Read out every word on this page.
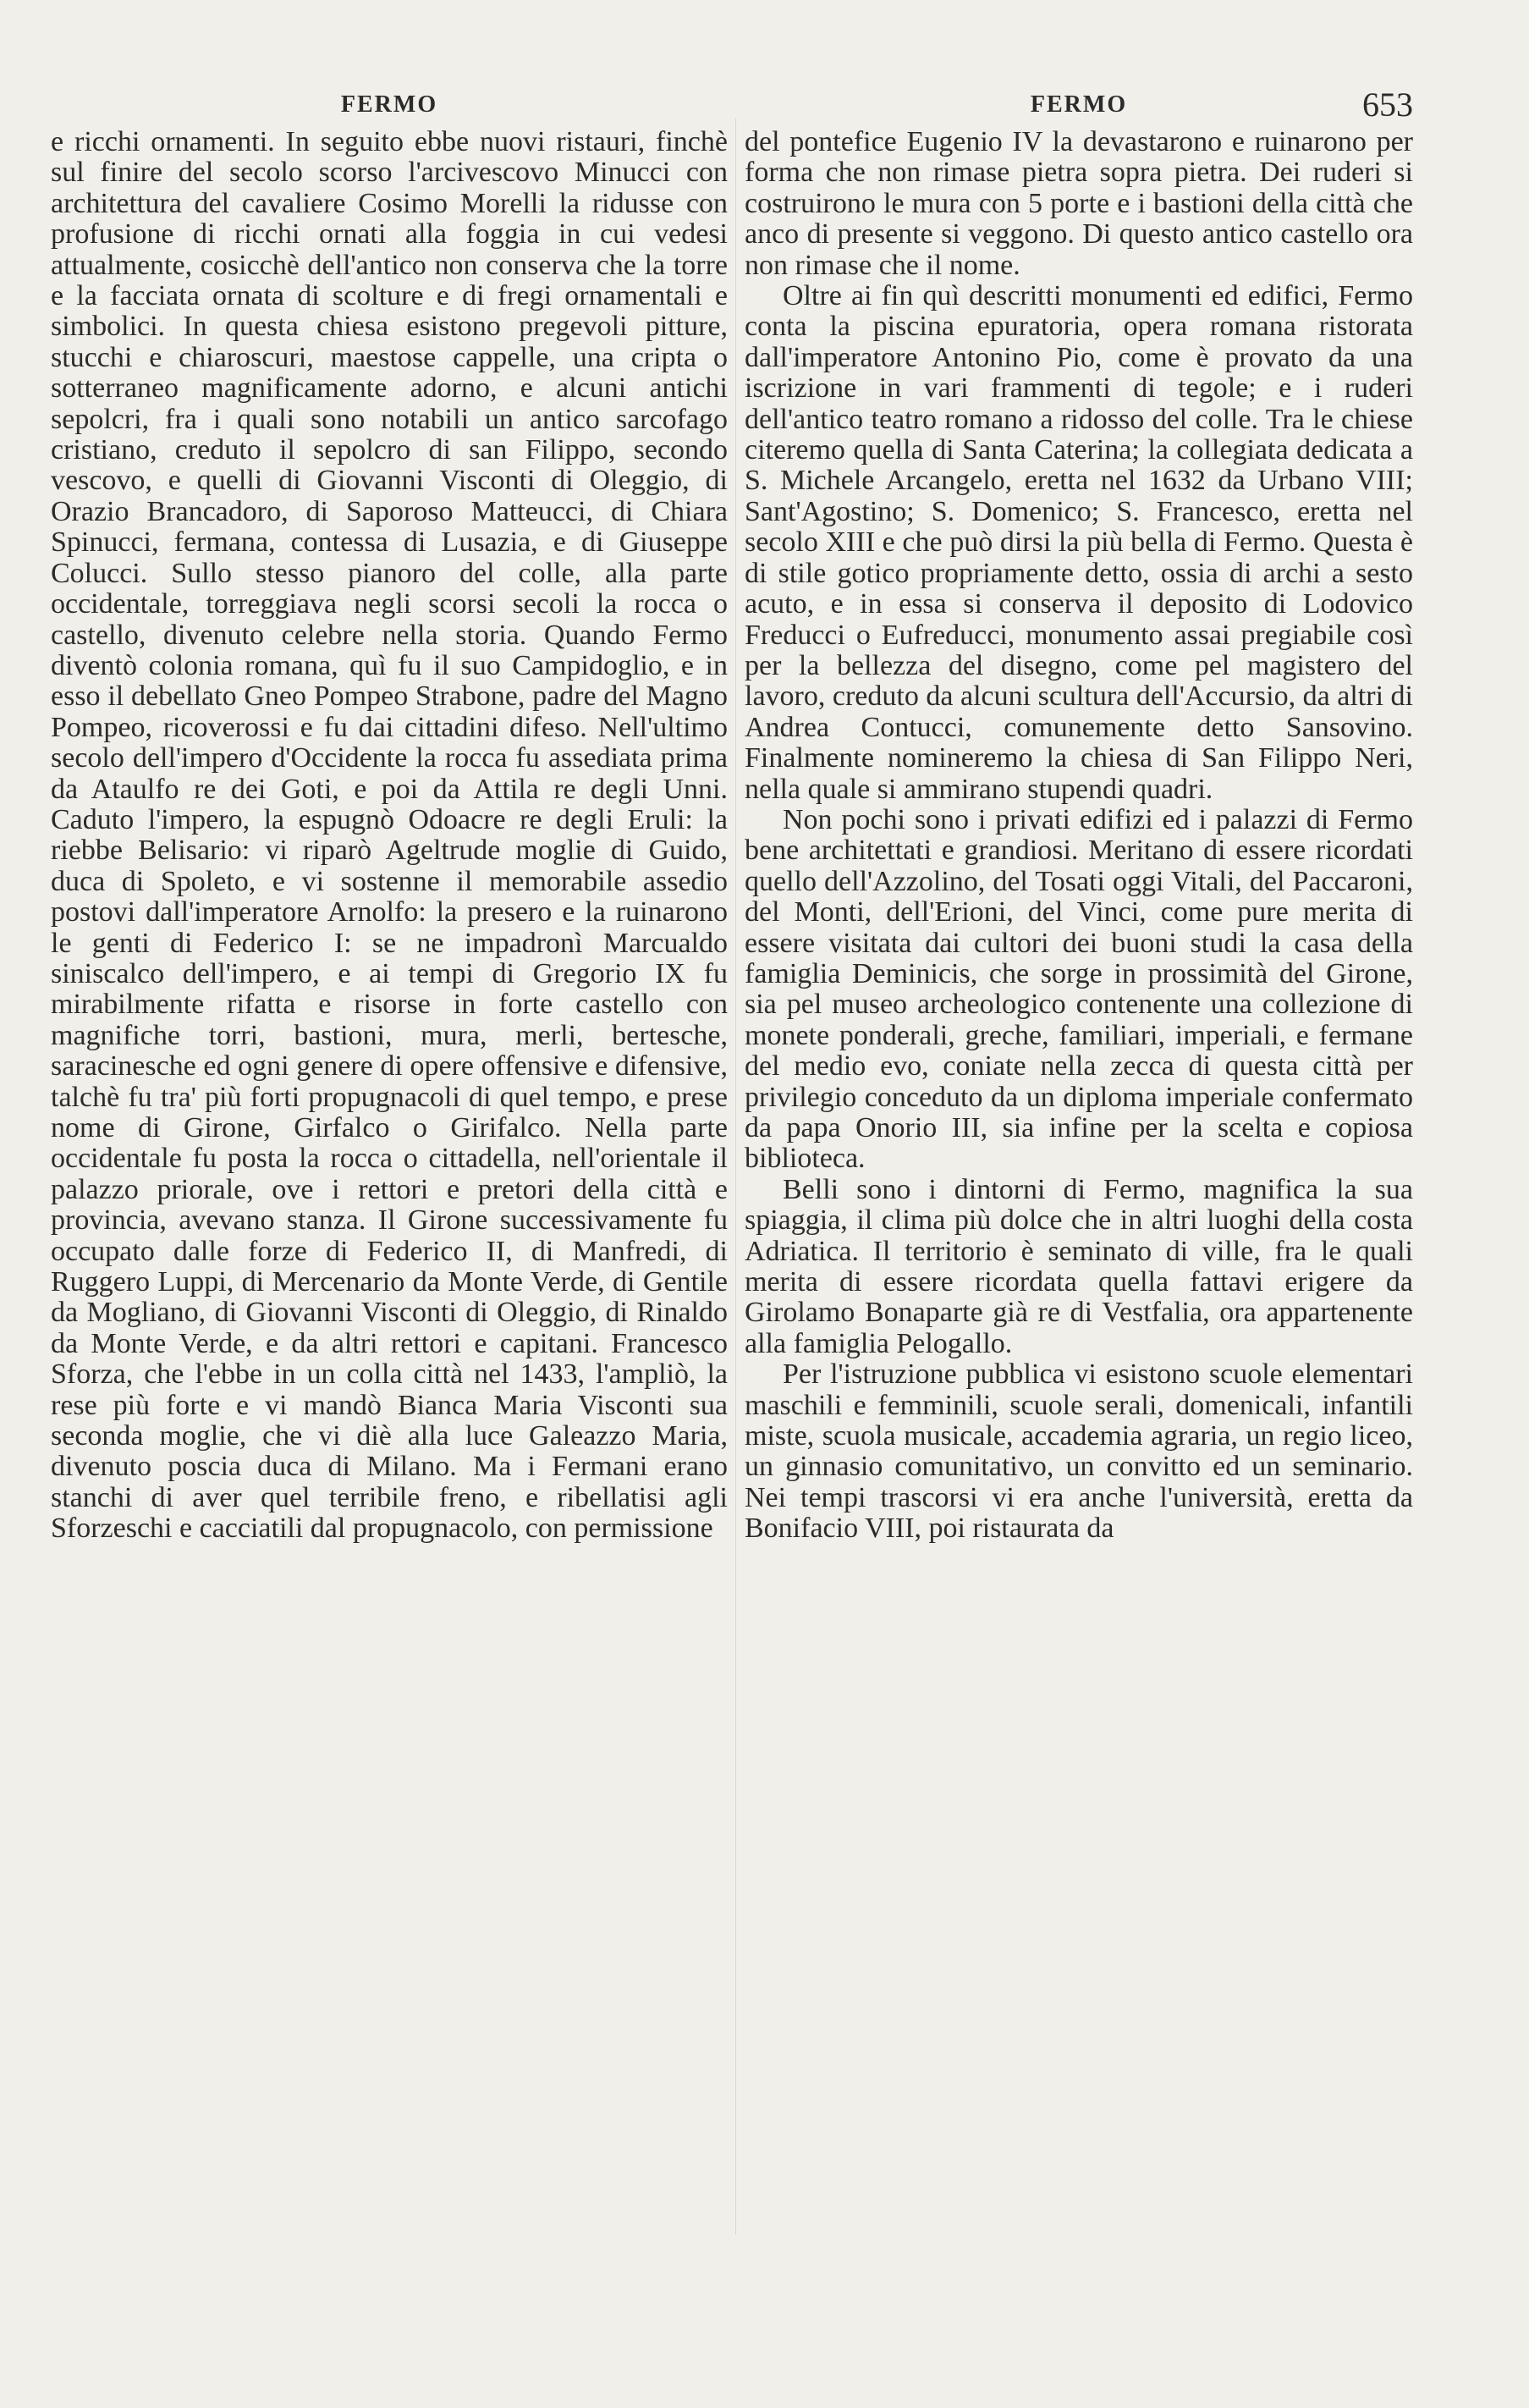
FERMO	FERMO	653

e ricchi ornamenti. In seguito ebbe nuovi ristauri, finchè sul finire del secolo scorso l'arcivescovo Minucci con architettura del cavaliere Cosimo Morelli la ridusse con profusione di ricchi ornati alla foggia in cui vedesi attualmente, cosicchè dell'antico non conserva che la torre e la facciata ornata di scolture e di fregi ornamentali e simbolici. In questa chiesa esistono pregevoli pitture, stucchi e chiaroscuri, maestose cappelle, una cripta o sotterraneo magnificamente adorno, e alcuni antichi sepolcri, fra i quali sono notabili un antico sarcofago cristiano, creduto il sepolcro di san Filippo, secondo vescovo, e quelli di Giovanni Visconti di Oleggio, di Orazio Brancadoro, di Saporoso Matteucci, di Chiara Spinucci, fermana, contessa di Lusazia, e di Giuseppe Colucci. Sullo stesso pianoro del colle, alla parte occidentale, torreggiava negli scorsi secoli la rocca o castello, divenuto celebre nella storia. Quando Fermo diventò colonia romana, quì fu il suo Campidoglio, e in esso il debellato Gneo Pompeo Strabone, padre del Magno Pompeo, ricoverossi e fu dai cittadini difeso. Nell'ultimo secolo dell'impero d'Occidente la rocca fu assediata prima da Ataulfo re dei Goti, e poi da Attila re degli Unni. Caduto l'impero, la espugnò Odoacre re degli Eruli: la riebbe Belisario: vi riparò Ageltrude moglie di Guido, duca di Spoleto, e vi sostenne il memorabile assedio postovi dall'imperatore Arnolfo: la presero e la ruinarono le genti di Federico I: se ne impadronì Marcualdo siniscalco dell'impero, e ai tempi di Gregorio IX fu mirabilmente rifatta e risorse in forte castello con magnifiche torri, bastioni, mura, merli, bertesche, saracinesche ed ogni genere di opere offensive e difensive, talchè fu tra' più forti propugnacoli di quel tempo, e prese nome di Girone, Girfalco o Girifalco. Nella parte occidentale fu posta la rocca o cittadella, nell'orientale il palazzo priorale, ove i rettori e pretori della città e provincia, avevano stanza. Il Girone successivamente fu occupato dalle forze di Federico II, di Manfredi, di Ruggero Luppi, di Mercenario da Monte Verde, di Gentile da Mogliano, di Giovanni Visconti di Oleggio, di Rinaldo da Monte Verde, e da altri rettori e capitani. Francesco Sforza, che l'ebbe in un colla città nel 1433, l'ampliò, la rese più forte e vi mandò Bianca Maria Visconti sua seconda moglie, che vi diè alla luce Galeazzo Maria, divenuto poscia duca di Milano. Ma i Fermani erano stanchi di aver quel terribile freno, e ribellatisi agli Sforzeschi e cacciatili dal propugnacolo, con permissione

del pontefice Eugenio IV la devastarono e ruinarono per forma che non rimase pietra sopra pietra. Dei ruderi si costruirono le mura con 5 porte e i bastioni della città che anco di presente si veggono. Di questo antico castello ora non rimase che il nome.

Oltre ai fin quì descritti monumenti ed edifici, Fermo conta la piscina epuratoria, opera romana ristorata dall'imperatore Antonino Pio, come è provato da una iscrizione in vari frammenti di tegole; e i ruderi dell'antico teatro romano a ridosso del colle. Tra le chiese citeremo quella di Santa Caterina; la collegiata dedicata a S. Michele Arcangelo, eretta nel 1632 da Urbano VIII; Sant'Agostino; S. Domenico; S. Francesco, eretta nel secolo XIII e che può dirsi la più bella di Fermo. Questa è di stile gotico propriamente detto, ossia di archi a sesto acuto, e in essa si conserva il deposito di Lodovico Freducci o Eufreducci, monumento assai pregiabile così per la bellezza del disegno, come pel magistero del lavoro, creduto da alcuni scultura dell'Accursio, da altri di Andrea Contucci, comunemente detto Sansovino. Finalmente nomineremo la chiesa di San Filippo Neri, nella quale si ammirano stupendi quadri.

Non pochi sono i privati edifizi ed i palazzi di Fermo bene architettati e grandiosi. Meritano di essere ricordati quello dell'Azzolino, del Tosati oggi Vitali, del Paccaroni, del Monti, dell'Erioni, del Vinci, come pure merita di essere visitata dai cultori dei buoni studi la casa della famiglia Deminicis, che sorge in prossimità del Girone, sia pel museo archeologico contenente una collezione di monete ponderali, greche, familiari, imperiali, e fermane del medio evo, coniate nella zecca di questa città per privilegio conceduto da un diploma imperiale confermato da papa Onorio III, sia infine per la scelta e copiosa biblioteca.

Belli sono i dintorni di Fermo, magnifica la sua spiaggia, il clima più dolce che in altri luoghi della costa Adriatica. Il territorio è seminato di ville, fra le quali merita di essere ricordata quella fattavi erigere da Girolamo Bonaparte già re di Vestfalia, ora appartenente alla famiglia Pelogallo.

Per l'istruzione pubblica vi esistono scuole elementari maschili e femminili, scuole serali, domenicali, infantili miste, scuola musicale, accademia agraria, un regio liceo, un ginnasio comunitativo, un convitto ed un seminario. Nei tempi trascorsi vi era anche l'università, eretta da Bonifacio VIII, poi ristaurata da
